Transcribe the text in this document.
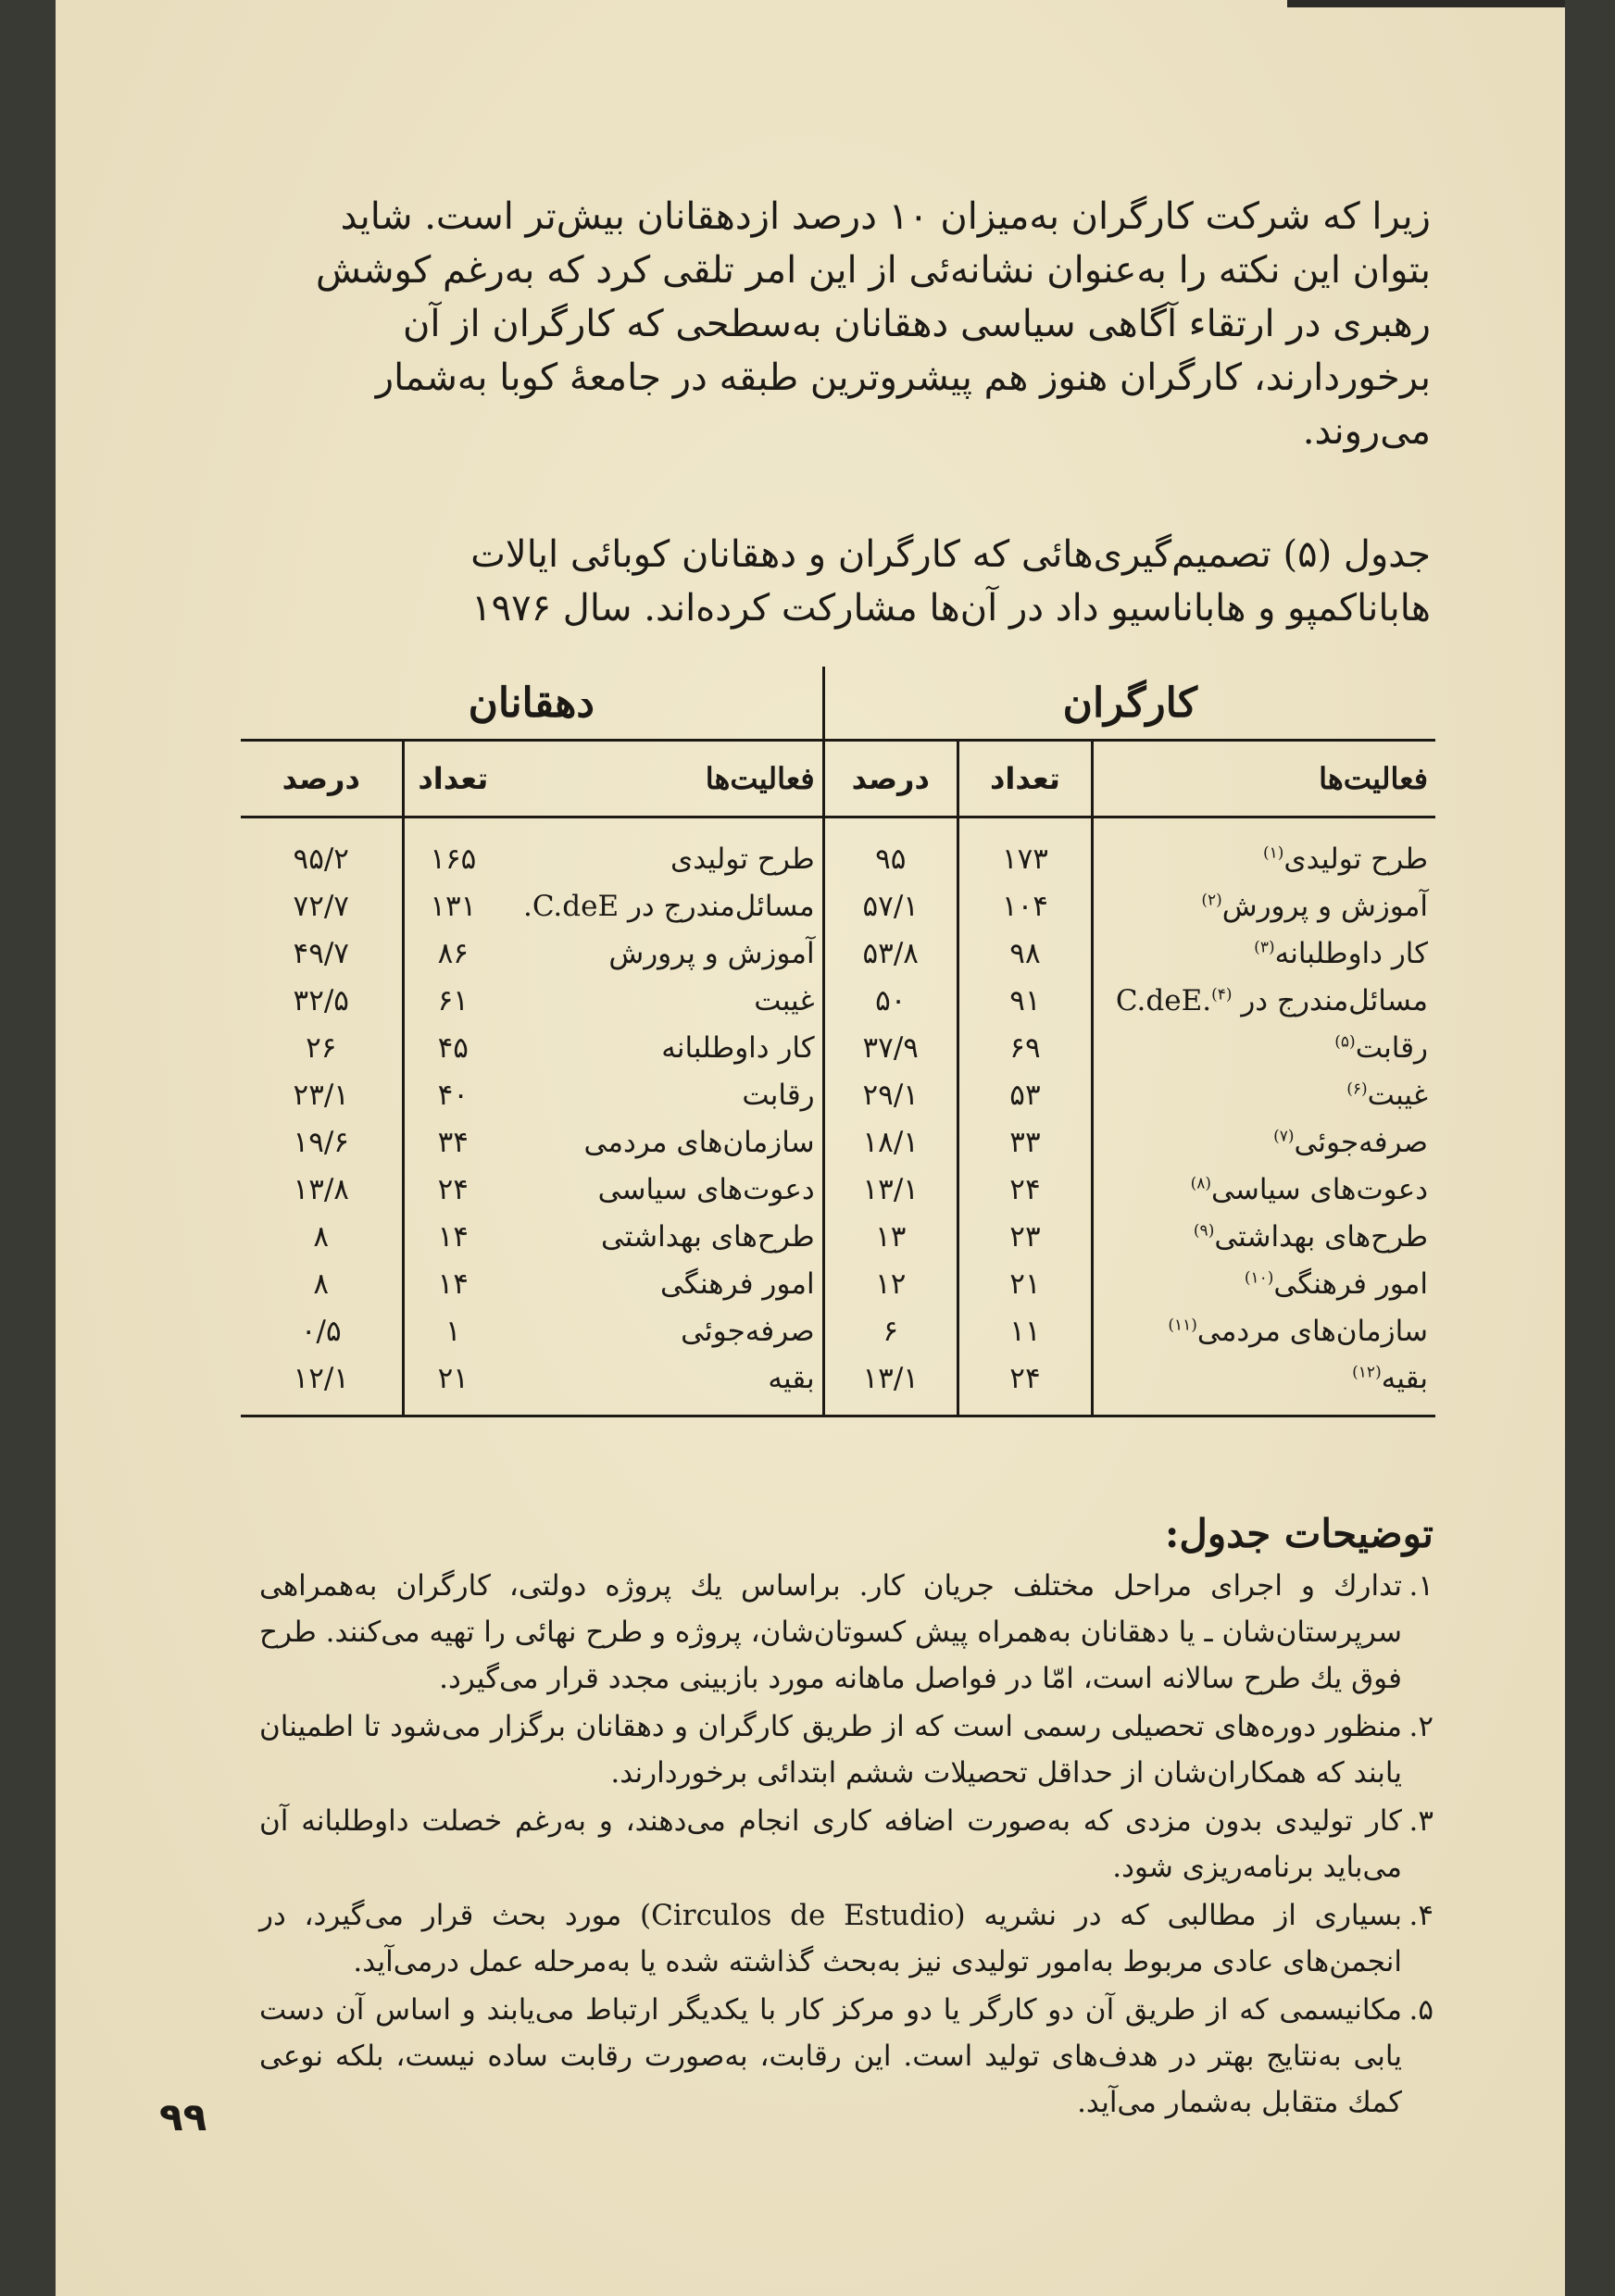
زیرا که شرکت کارگران به‌میزان ۱۰ درصد ازدهقانان بیش‌تر است. شاید
بتوان این نکته را به‌عنوان نشانه‌ئی از این امر تلقی کرد که به‌رغم کوشش
رهبری در ارتقاء آگاهی سیاسی دهقانان به‌سطحی که کارگران از آن
برخوردارند، کارگران هنوز هم پیشروترین طبقه در جامعهٔ کوبا به‌شمار
می‌روند.
جدول (۵) تصمیم‌گیری‌هائی که کارگران و دهقانان کوبائی ایالات
هاباناکمپو و هاباناسیو داد در آن‌ها مشارکت کرده‌اند. سال ۱۹۷۶
کارگران			دهقانان		
فعالیت‌ها	تعداد	درصد	فعالیت‌ها	تعداد	درصد
طرح تولیدی$^{(۱)}$	۱۷۳	۹۵	طرح تولیدی	۱۶۵	۹۵/۲
آموزش و پرورش$^{(۲)}$	۱۰۴	۵۷/۱	مسائل‌مندرج در C.deE.	۱۳۱	۷۲/۷
کار داوطلبانه$^{(۳)}$	۹۸	۵۳/۸	آموزش و پرورش	۸۶	۴۹/۷
مسائل‌مندرج در C.deE.$^{(۴)}$	۹۱	۵۰	غیبت	۶۱	۳۲/۵
رقابت$^{(۵)}$	۶۹	۳۷/۹	کار داوطلبانه	۴۵	۲۶
غیبت$^{(۶)}$	۵۳	۲۹/۱	رقابت	۴۰	۲۳/۱
صرفه‌جوئی$^{(۷)}$	۳۳	۱۸/۱	سازمان‌های مردمی	۳۴	۱۹/۶
دعوت‌های سیاسی$^{(۸)}$	۲۴	۱۳/۱	دعوت‌های سیاسی	۲۴	۱۳/۸
طرح‌های بهداشتی$^{(۹)}$	۲۳	۱۳	طرح‌های بهداشتی	۱۴	۸
امور فرهنگی$^{(۱۰)}$	۲۱	۱۲	امور فرهنگی	۱۴	۸
سازمان‌های مردمی$^{(۱۱)}$	۱۱	۶	صرفه‌جوئی	۱	۰/۵
بقیه$^{(۱۲)}$	۲۴	۱۳/۱	بقیه	۲۱	۱۲/۱
توضیحات جدول:
۱.
تدارك و اجرای مراحل مختلف جریان کار. براساس یك پروژه دولتی، کارگران به‌همراهی سرپرستان‌شان ـ یا دهقانان به‌همراه پیش کسوتان‌شان، پروژه و طرح نهائی را تهیه می‌کنند. طرح فوق یك طرح سالانه است، امّا در فواصل ماهانه مورد بازبینی مجدد قرار می‌گیرد.
۲.
منظور دوره‌های تحصیلی رسمی است که از طریق کارگران و دهقانان برگزار می‌شود تا اطمینان یابند که همکاران‌شان از حداقل تحصیلات ششم ابتدائی برخوردارند.
۳.
کار تولیدی بدون مزدی که به‌صورت اضافه کاری انجام می‌دهند، و به‌رغم خصلت داوطلبانه آن می‌باید برنامه‌ریزی شود.
۴.
بسیاری از مطالبی که در نشریه (Circulos de Estudio) مورد بحث قرار می‌گیرد، در انجمن‌های عادی مربوط به‌امور تولیدی نیز به‌بحث گذاشته شده یا به‌مرحله عمل درمی‌آید.
۵.
مکانیسمی که از طریق آن دو کارگر یا دو مرکز کار با یکدیگر ارتباط می‌یابند و اساس آن دست یابی به‌نتایج بهتر در هدف‌های تولید است. این رقابت، به‌صورت رقابت ساده نیست، بلکه نوعی کمك متقابل به‌شمار می‌آید.
۹۹
